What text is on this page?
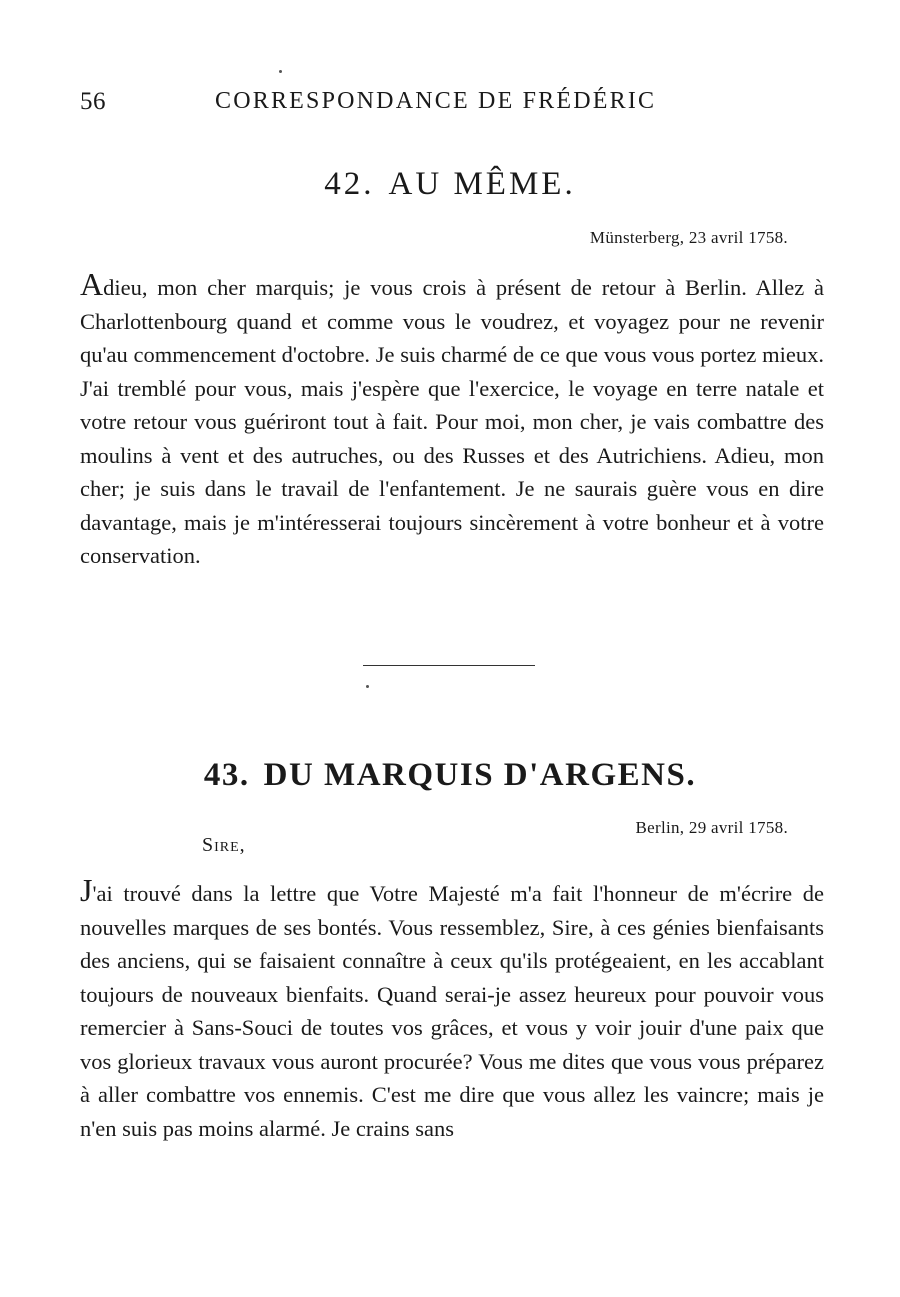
56	CORRESPONDANCE DE FRÉDÉRIC
42. AU MÊME.
Münsterberg, 23 avril 1758.
Adieu, mon cher marquis; je vous crois à présent de retour à Berlin. Allez à Charlottenbourg quand et comme vous le voudrez, et voyagez pour ne revenir qu'au commencement d'octobre. Je suis charmé de ce que vous vous portez mieux. J'ai tremblé pour vous, mais j'espère que l'exercice, le voyage en terre natale et votre retour vous guériront tout à fait. Pour moi, mon cher, je vais combattre des moulins à vent et des autruches, ou des Russes et des Autrichiens. Adieu, mon cher; je suis dans le travail de l'enfantement. Je ne saurais guère vous en dire davantage, mais je m'intéresserai toujours sincèrement à votre bonheur et à votre conservation.
43. DU MARQUIS D'ARGENS.
Berlin, 29 avril 1758.
Sire,
J'ai trouvé dans la lettre que Votre Majesté m'a fait l'honneur de m'écrire de nouvelles marques de ses bontés. Vous ressemblez, Sire, à ces génies bienfaisants des anciens, qui se faisaient connaître à ceux qu'ils protégeaient, en les accablant toujours de nouveaux bienfaits. Quand serai-je assez heureux pour pouvoir vous remercier à Sans-Souci de toutes vos grâces, et vous y voir jouir d'une paix que vos glorieux travaux vous auront procurée? Vous me dites que vous vous préparez à aller combattre vos ennemis. C'est me dire que vous allez les vaincre; mais je n'en suis pas moins alarmé. Je crains sans
